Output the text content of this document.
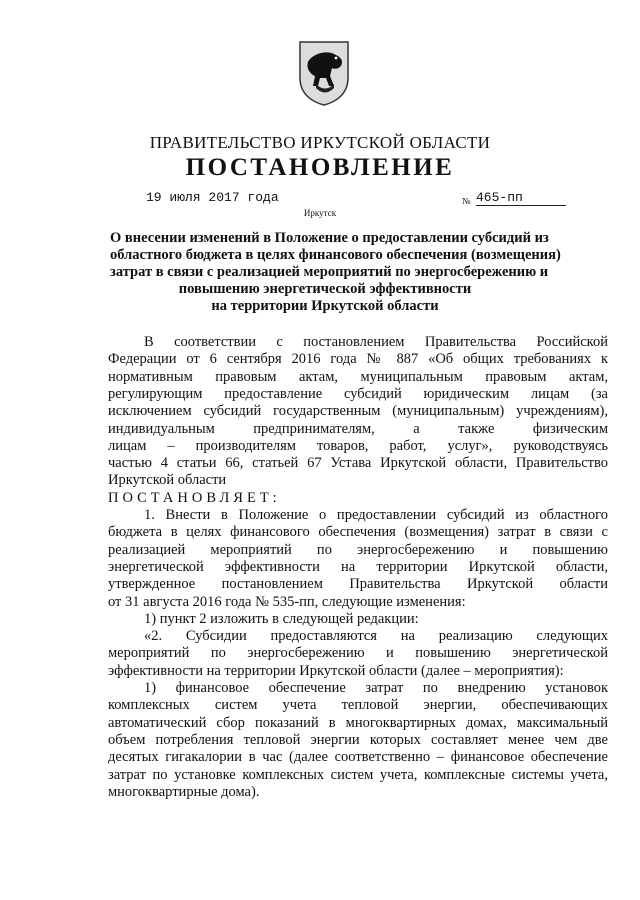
ПРАВИТЕЛЬСТВО ИРКУТСКОЙ ОБЛАСТИ
ПОСТАНОВЛЕНИЕ
19 июля 2017 года	№ 465-пп
Иркутск
О внесении изменений в Положение о предоставлении субсидий из
областного бюджета в целях финансового обеспечения (возмещения)
затрат в связи с реализацией мероприятий по энергосбережению и
повышению энергетической эффективности
на территории Иркутской области
В соответствии с постановлением Правительства Российской
Федерации от 6 сентября 2016 года № 887 «Об общих требованиях к
нормативным правовым актам, муниципальным правовым актам,
регулирующим предоставление субсидий юридическим лицам (за
исключением субсидий государственным (муниципальным) учреждениям),
индивидуальным предпринимателям, а также физическим
лицам – производителям товаров, работ, услуг», руководствуясь
частью 4 статьи 66, статьей 67 Устава Иркутской области, Правительство
Иркутской области
ПОСТАНОВЛЯЕТ:
1. Внести в Положение о предоставлении субсидий из областного
бюджета в целях финансового обеспечения (возмещения) затрат в связи с
реализацией мероприятий по энергосбережению и повышению
энергетической эффективности на территории Иркутской области,
утвержденное постановлением Правительства Иркутской области
от 31 августа 2016 года № 535-пп, следующие изменения:
1) пункт 2 изложить в следующей редакции:
«2. Субсидии предоставляются на реализацию следующих
мероприятий по энергосбережению и повышению энергетической
эффективности на территории Иркутской области (далее – мероприятия):
1) финансовое обеспечение затрат по внедрению установок
комплексных систем учета тепловой энергии, обеспечивающих
автоматический сбор показаний в многоквартирных домах, максимальный
объем потребления тепловой энергии которых составляет менее чем две
десятых гигакалории в час (далее соответственно – финансовое обеспечение
затрат по установке комплексных систем учета, комплексные системы учета,
многоквартирные дома).
